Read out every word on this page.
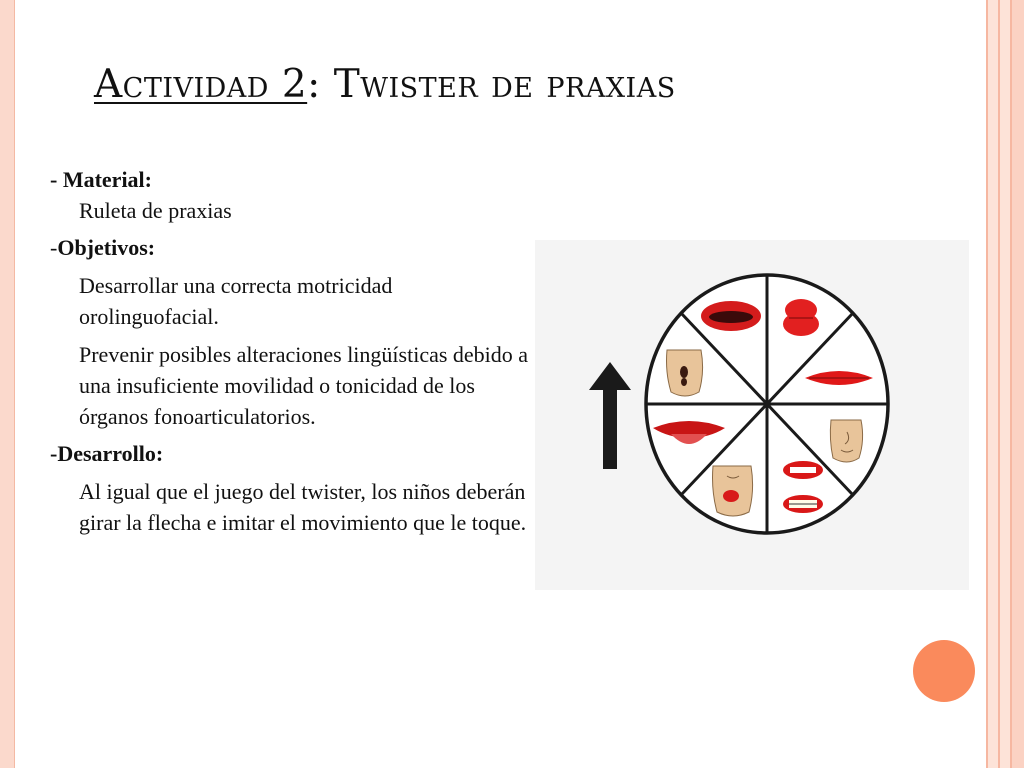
Actividad 2: Twister de praxias

- Material:

Ruleta de praxias

-Objetivos:

Desarrollar una correcta motricidad orolinguofacial.

Prevenir posibles alteraciones lingüísticas debido a una insuficiente movilidad o tonicidad de los órganos fonoarticulatorios.

-Desarrollo:

Al igual que el juego del twister, los niños deberán girar la flecha e imitar el movimiento que le toque.
